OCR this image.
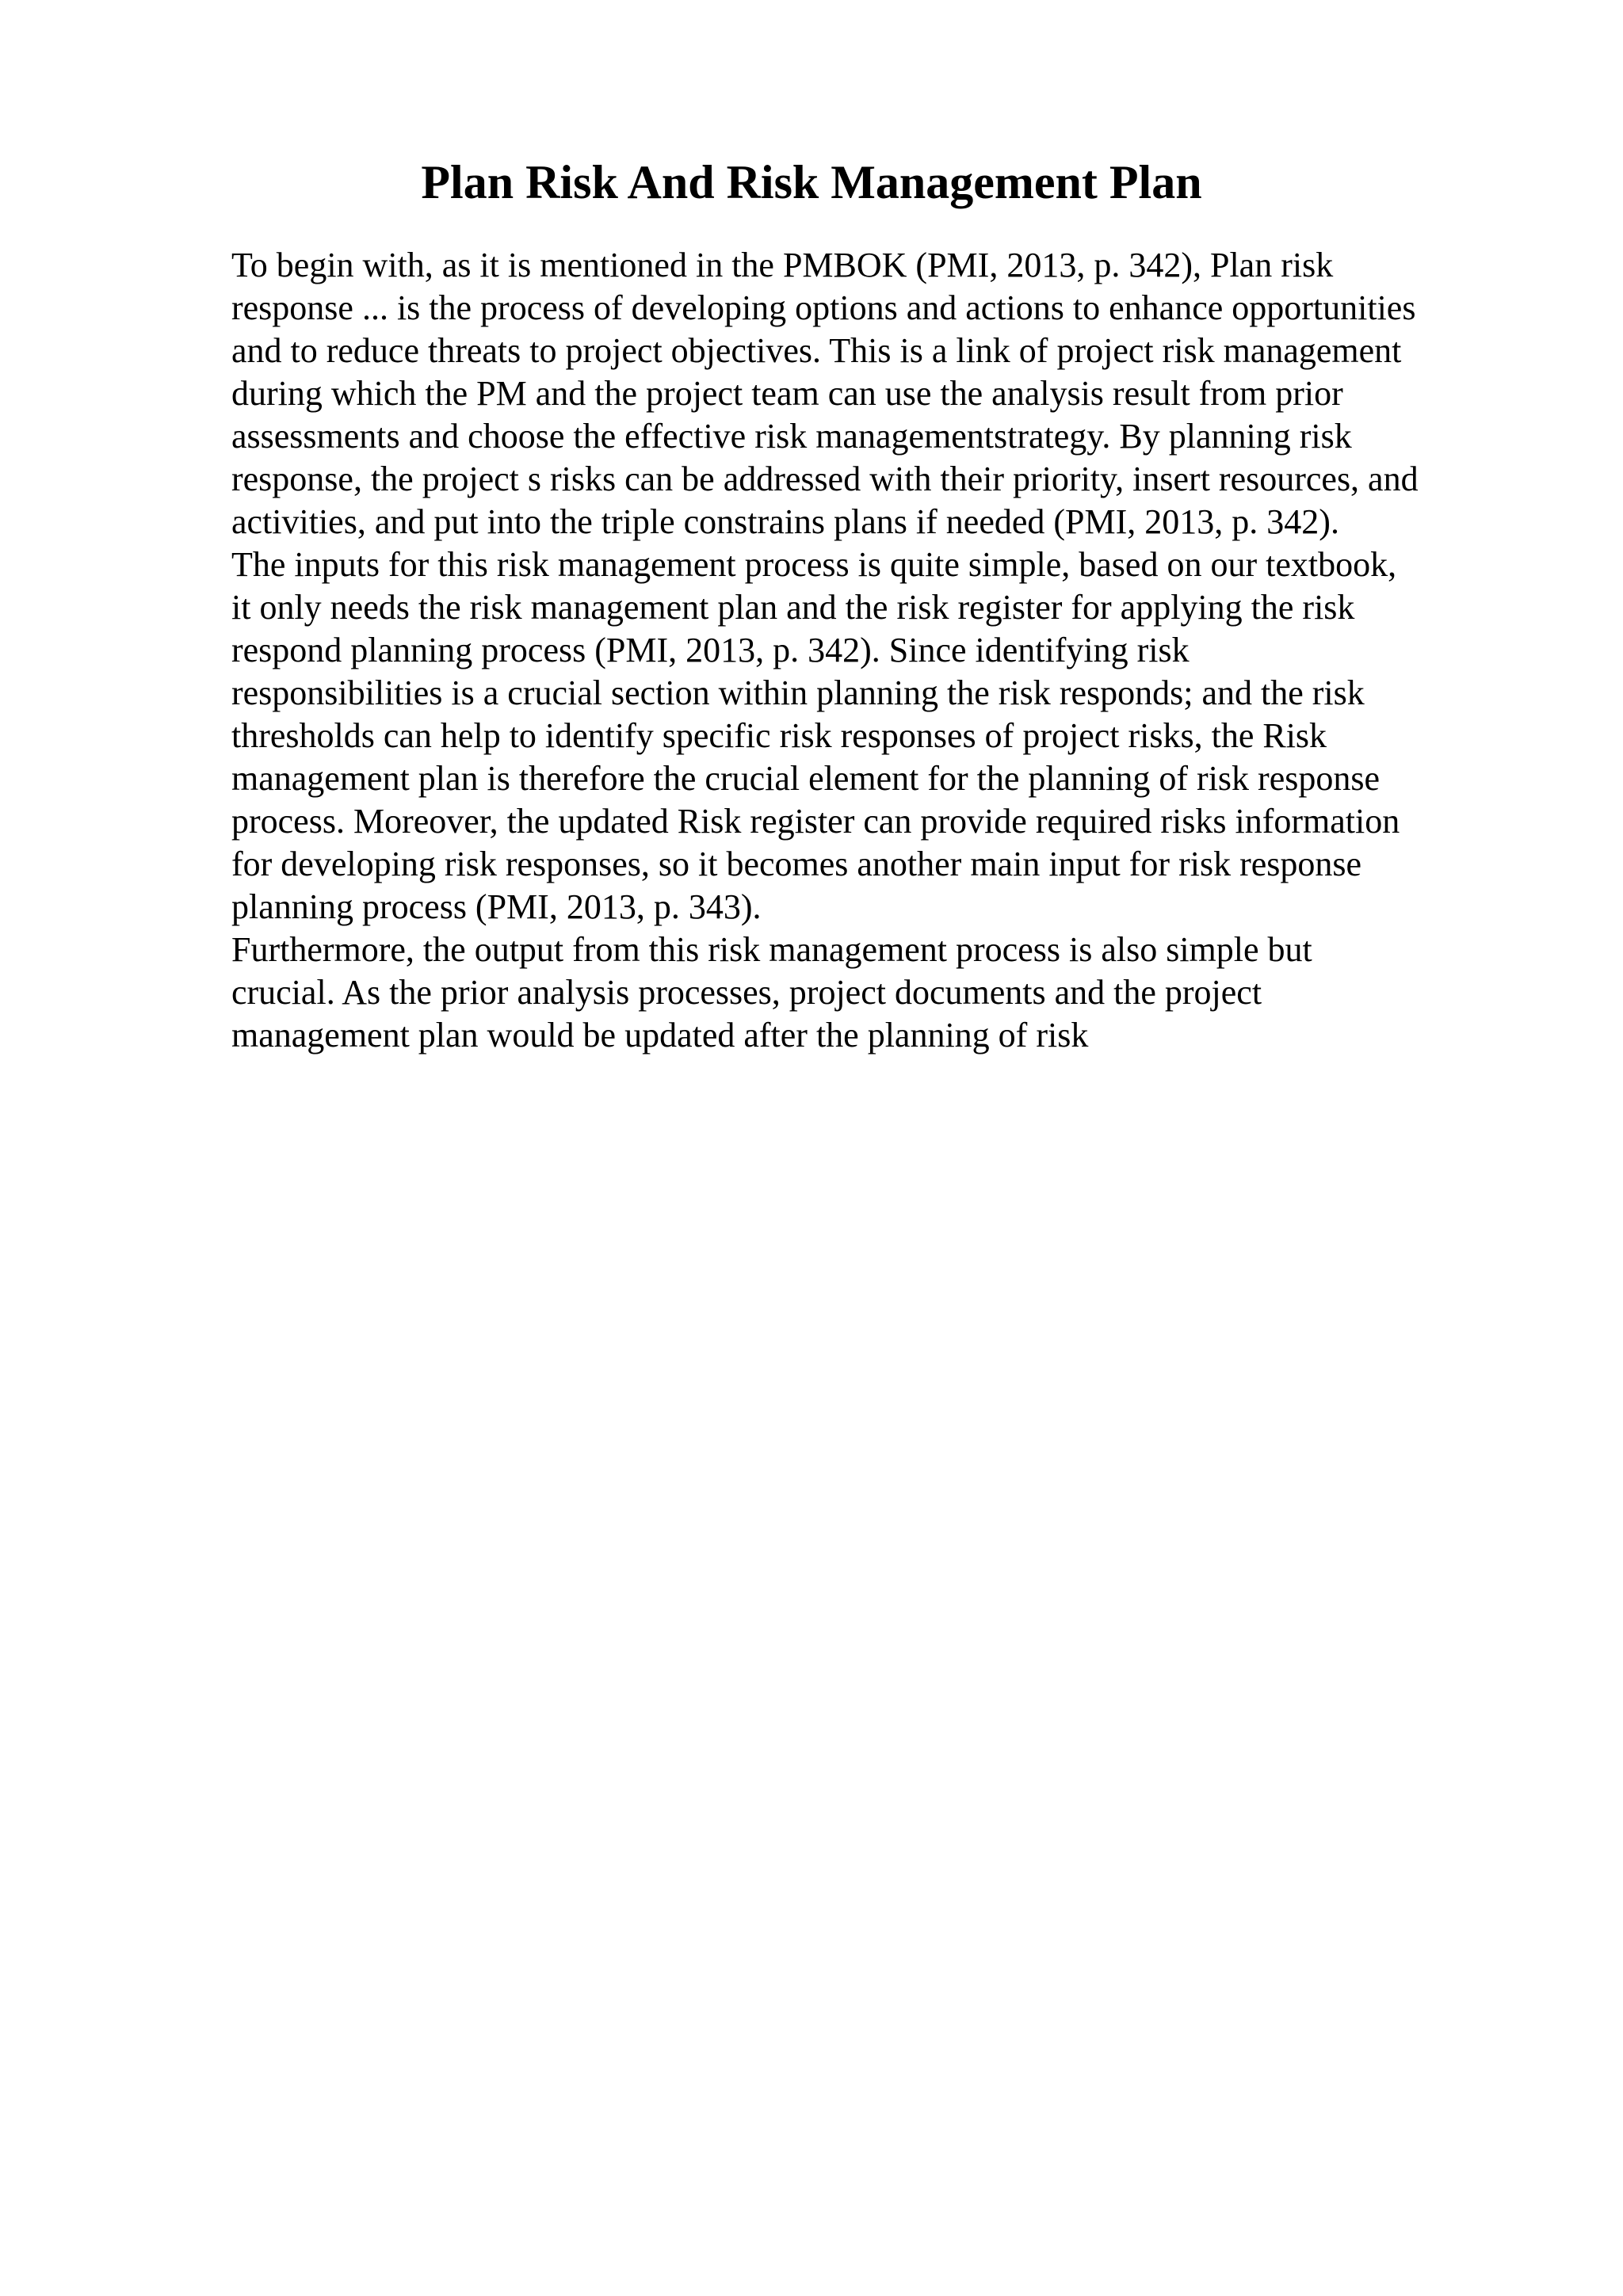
Plan Risk And Risk Management Plan
To begin with, as it is mentioned in the PMBOK (PMI, 2013, p. 342), Plan risk
response ... is the process of developing options and actions to enhance opportunities
and to reduce threats to project objectives. This is a link of project risk management
during which the PM and the project team can use the analysis result from prior
assessments and choose the effective risk managementstrategy. By planning risk
response, the project s risks can be addressed with their priority, insert resources, and
activities, and put into the triple constrains plans if needed (PMI, 2013, p. 342).
The inputs for this risk management process is quite simple, based on our textbook,
it only needs the risk management plan and the risk register for applying the risk
respond planning process (PMI, 2013, p. 342). Since identifying risk
responsibilities is a crucial section within planning the risk responds; and the risk
thresholds can help to identify specific risk responses of project risks, the Risk
management plan is therefore the crucial element for the planning of risk response
process. Moreover, the updated Risk register can provide required risks information
for developing risk responses, so it becomes another main input for risk response
planning process (PMI, 2013, p. 343).
Furthermore, the output from this risk management process is also simple but
crucial. As the prior analysis processes, project documents and the project
management plan would be updated after the planning of risk
